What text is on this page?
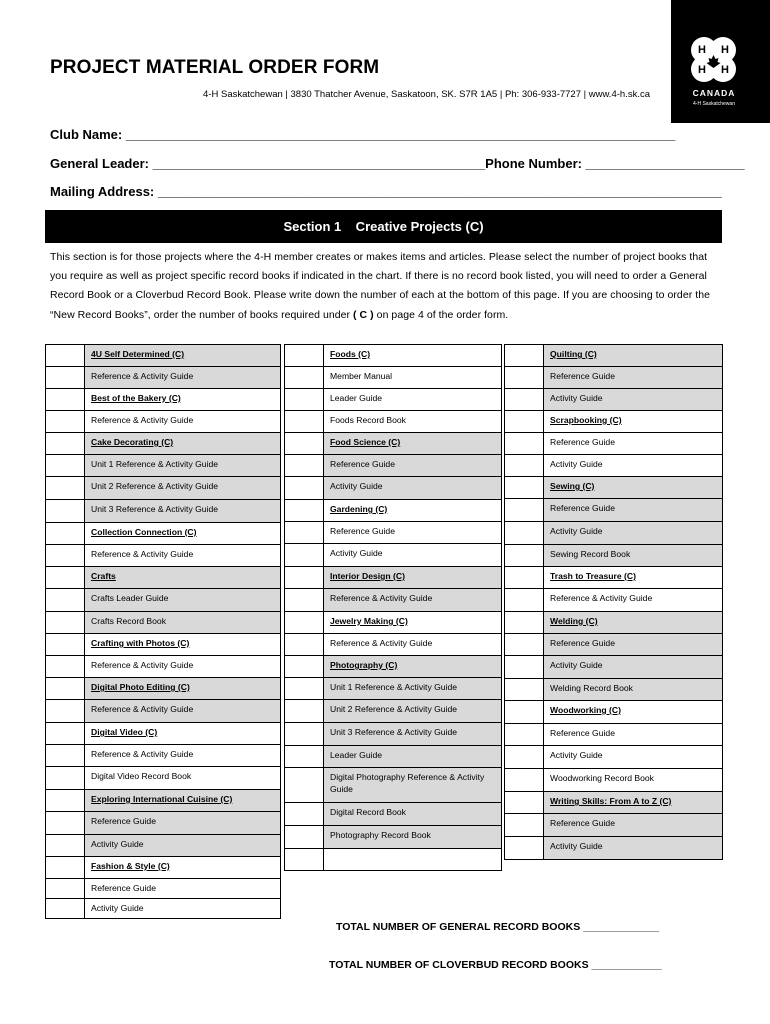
H H
H H
CANADA
4-H Saskatchewan
PROJECT MATERIAL ORDER FORM
4-H Saskatchewan | 3830 Thatcher Avenue, Saskatoon, SK. S7R 1A5 | Ph: 306-933-7727 | www.4-h.sk.ca
Club Name: ____________________________________________________________________________
General Leader: ______________________________________________Phone Number: ______________________
Mailing Address: ______________________________________________________________________________
Section 1    Creative Projects (C)
This section is for those projects where the 4-H member creates or makes items and articles. Please select the number of project books that you require as well as project specific record books if indicated in the chart. If there is no record book listed, you will need to order a General Record Book or a Cloverbud Record Book. Please write down the number of each at the bottom of this page. If you are choosing to order the “New Record Books”, order the number of books required under ( C ) on page 4 of the order form.
4U Self Determined (C)
Reference & Activity Guide
Best of the Bakery (C)
Reference & Activity Guide
Cake Decorating (C)
Unit 1 Reference & Activity Guide
Unit 2 Reference & Activity Guide
Unit 3 Reference & Activity Guide
Collection Connection (C)
Reference & Activity Guide
Crafts
Crafts Leader Guide
Crafts Record Book
Crafting with Photos (C)
Reference & Activity Guide
Digital Photo Editing (C)
Reference & Activity Guide
Digital Video (C)
Reference & Activity Guide
Digital Video Record Book
Exploring International Cuisine (C)
Reference Guide
Activity Guide
Fashion & Style (C)
Reference Guide
Activity Guide
Foods (C)
Member Manual
Leader Guide
Foods Record Book
Food Science (C)
Reference Guide
Activity Guide
Gardening (C)
Reference Guide
Activity Guide
Interior Design (C)
Reference & Activity Guide
Jewelry Making (C)
Reference & Activity Guide
Photography (C)
Unit 1 Reference & Activity Guide
Unit 2 Reference & Activity Guide
Unit 3 Reference & Activity Guide
Leader Guide
Digital Photography Reference & Activity Guide
Digital Record Book
Photography Record Book
Quilting (C)
Reference Guide
Activity Guide
Scrapbooking (C)
Reference Guide
Activity Guide
Sewing (C)
Reference Guide
Activity Guide
Sewing Record Book
Trash to Treasure (C)
Reference & Activity Guide
Welding (C)
Reference Guide
Activity Guide
Welding Record Book
Woodworking (C)
Reference Guide
Activity Guide
Woodworking Record Book
Writing Skills: From A to Z (C)
Reference Guide
Activity Guide
TOTAL NUMBER OF GENERAL RECORD BOOKS _____________
TOTAL NUMBER OF CLOVERBUD RECORD BOOKS ____________
